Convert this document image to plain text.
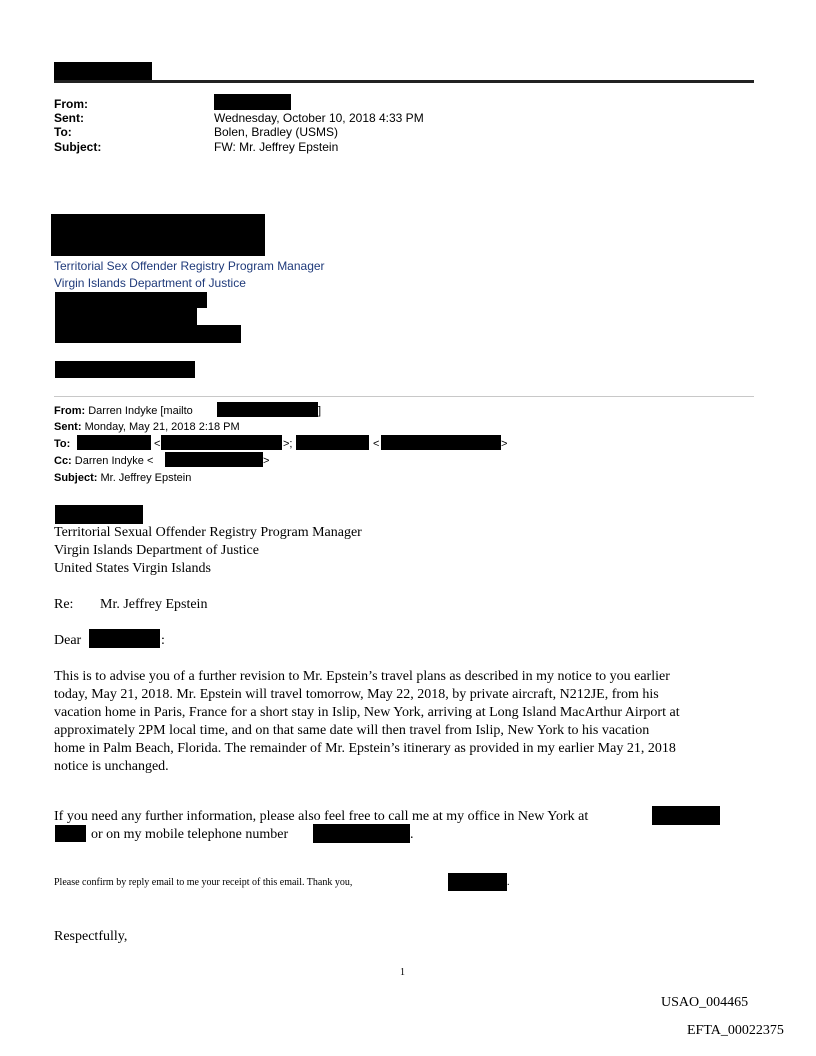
From:
Sent:	Wednesday, October 10, 2018 4:33 PM
To:	Bolen, Bradley (USMS)
Subject:	FW: Mr. Jeffrey Epstein
Territorial Sex Offender Registry Program Manager
Virgin Islands Department of Justice
From: Darren Indyke [mailto	]
Sent: Monday, May 21, 2018 2:18 PM
To:	<	>;	<	>
Cc: Darren Indyke <	>
Subject: Mr. Jeffrey Epstein
Territorial Sexual Offender Registry Program Manager
Virgin Islands Department of Justice
United States Virgin Islands
Re: Mr. Jeffrey Epstein
Dear	:
This is to advise you of a further revision to Mr. Epstein’s travel plans as described in my notice to you earlier
today, May 21, 2018. Mr. Epstein will travel tomorrow, May 22, 2018, by private aircraft, N212JE, from his
vacation home in Paris, France for a short stay in Islip, New York, arriving at Long Island MacArthur Airport at
approximately 2PM local time, and on that same date will then travel from Islip, New York to his vacation
home in Palm Beach, Florida. The remainder of Mr. Epstein’s itinerary as provided in my earlier May 21, 2018
notice is unchanged.
If you need any further information, please also feel free to call me at my office in New York at
or on my mobile telephone number	.
Please confirm by reply email to me your receipt of this email. Thank you,	.
Respectfully,
1
USAO_004465
EFTA_00022375
